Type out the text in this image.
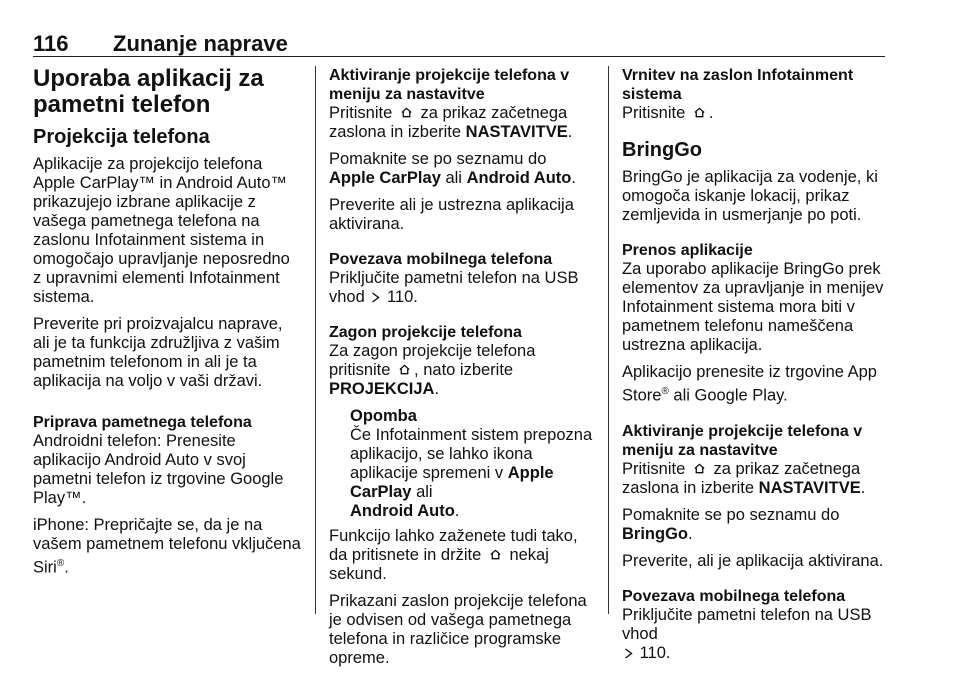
116 Zunanje naprave
Uporaba aplikacij za pametni telefon
Projekcija telefona

Aplikacije za projekcijo telefona Apple CarPlay™ in Android Auto™ prikazujejo izbrane aplikacije z vašega pametnega telefona na zaslonu Infotainment sistema in omogočajo upravljanje neposredno z upravnimi elementi Infotainment sistema.

Preverite pri proizvajalcu naprave, ali je ta funkcija združljiva z vašim pametnim telefonom in ali je ta aplikacija na voljo v vaši državi.

Priprava pametnega telefona

Androidni telefon: Prenesite aplikacijo Android Auto v svoj pametni telefon iz trgovine Google Play™.

iPhone: Prepričajte se, da je na vašem pametnem telefonu vključena Siri®.

Aktiviranje projekcije telefona v meniju za nastavitve

Pritisnite za prikaz začetnega zaslona in izberite NASTAVITVE.

Pomaknite se po seznamu do
Apple CarPlay ali Android Auto.

Preverite ali je ustrezna aplikacija aktivirana.

Povezava mobilnega telefona

Priključite pametni telefon na USB vhod 110.

Zagon projekcije telefona

Za zagon projekcije telefona pritisnite , nato izberite
PROJEKCIJA.

Opomba
Če Infotainment sistem prepozna aplikacijo, se lahko ikona aplikacije spremeni v Apple CarPlay ali
Android Auto.

Funkcijo lahko zaženete tudi tako, da pritisnete in držite nekaj sekund.

Prikazani zaslon projekcije telefona je odvisen od vašega pametnega telefona in različice programske opreme.

Vrnitev na zaslon Infotainment sistema

Pritisnite .

BringGo

BringGo je aplikacija za vodenje, ki omogoča iskanje lokacij, prikaz zemljevida in usmerjanje po poti.

Prenos aplikacije

Za uporabo aplikacije BringGo prek elementov za upravljanje in menijev Infotainment sistema mora biti v pametnem telefonu nameščena ustrezna aplikacija.

Aplikacijo prenesite iz trgovine App Store® ali Google Play.

Aktiviranje projekcije telefona v meniju za nastavitve

Pritisnite za prikaz začetnega zaslona in izberite NASTAVITVE.

Pomaknite se po seznamu do
BringGo.

Preverite, ali je aplikacija aktivirana.

Povezava mobilnega telefona

Priključite pametni telefon na USB vhod
110.
